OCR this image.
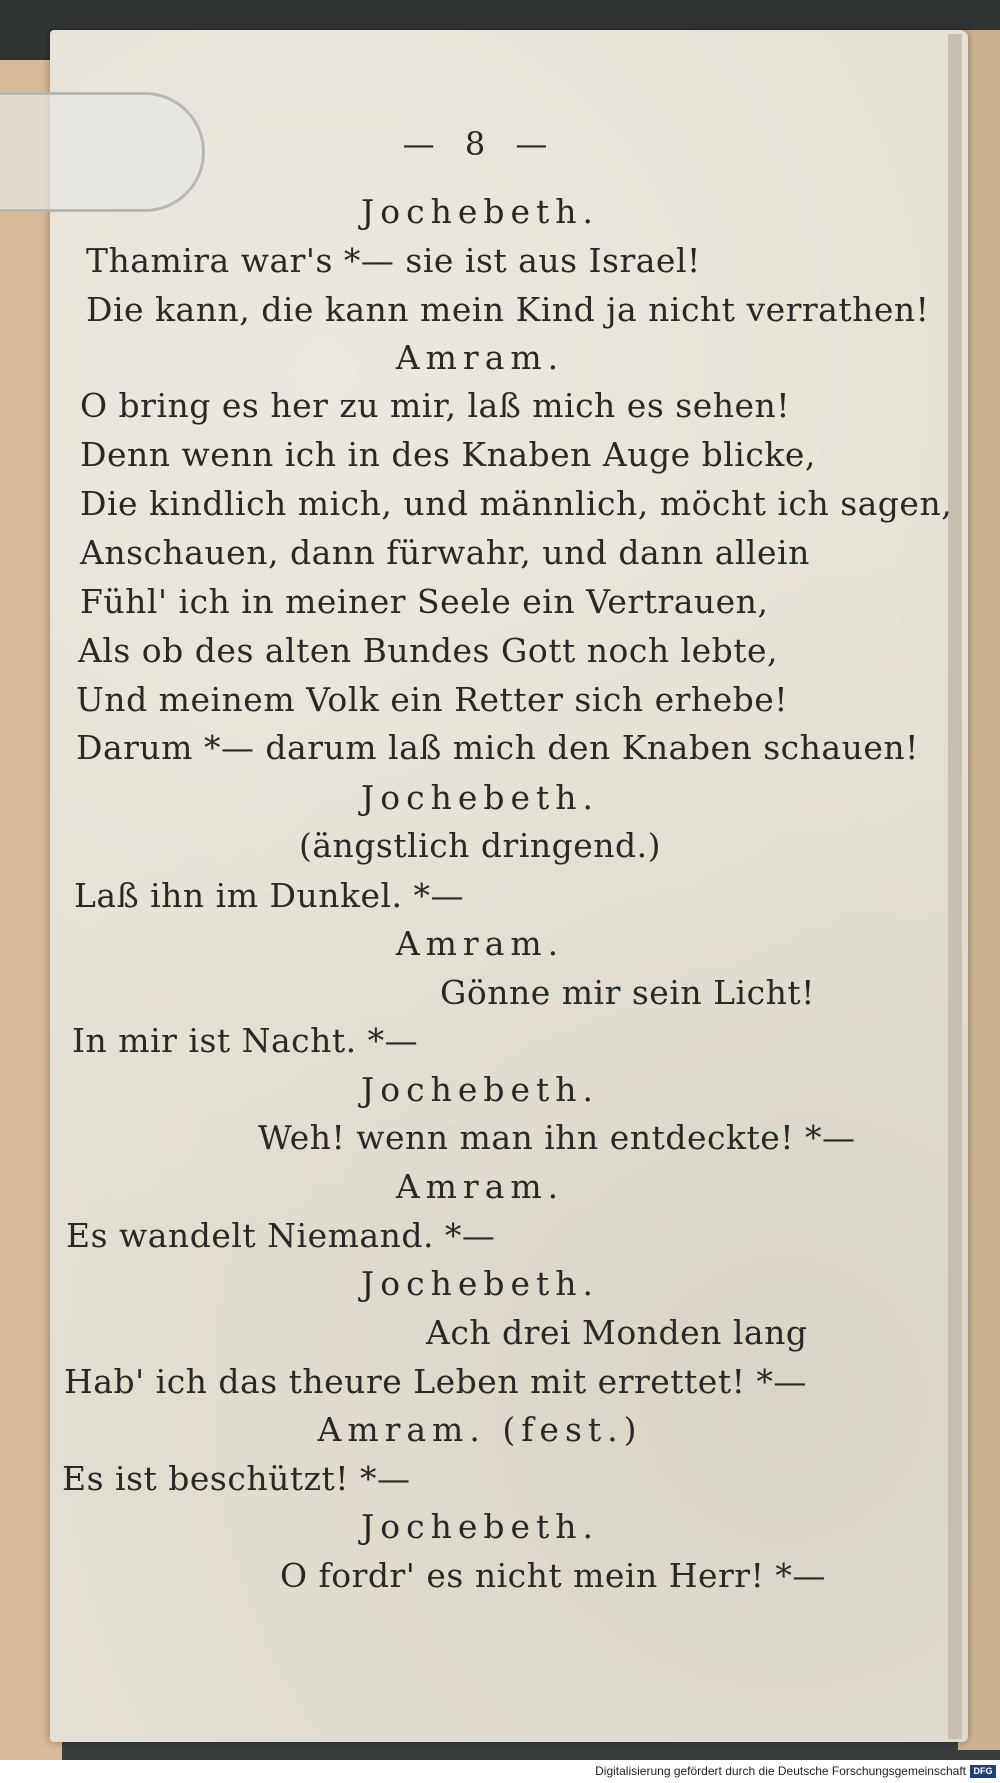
— 8 —
Jochebeth.
Thamira war's *— sie ist aus Israel!
Die kann, die kann mein Kind ja nicht verrathen!
Amram.
O bring es her zu mir, laß mich es sehen!
Denn wenn ich in des Knaben Auge blicke,
Die kindlich mich, und männlich, möcht ich sagen,
Anschauen, dann fürwahr, und dann allein
Fühl' ich in meiner Seele ein Vertrauen,
Als ob des alten Bundes Gott noch lebte,
Und meinem Volk ein Retter sich erhebe!
Darum *— darum laß mich den Knaben schauen!
Jochebeth.
(ängstlich dringend.)
Laß ihn im Dunkel. *—
Amram.
Gönne mir sein Licht!
In mir ist Nacht. *—
Jochebeth.
Weh! wenn man ihn entdeckte! *—
Amram.
Es wandelt Niemand. *—
Jochebeth.
Ach drei Monden lang
Hab' ich das theure Leben mit errettet! *—
Amram. (fest.)
Es ist beschützt! *—
Jochebeth.
O fordr' es nicht mein Herr! *—
Digitalisierung gefördert durch die Deutsche Forschungsgemeinschaft DFG
